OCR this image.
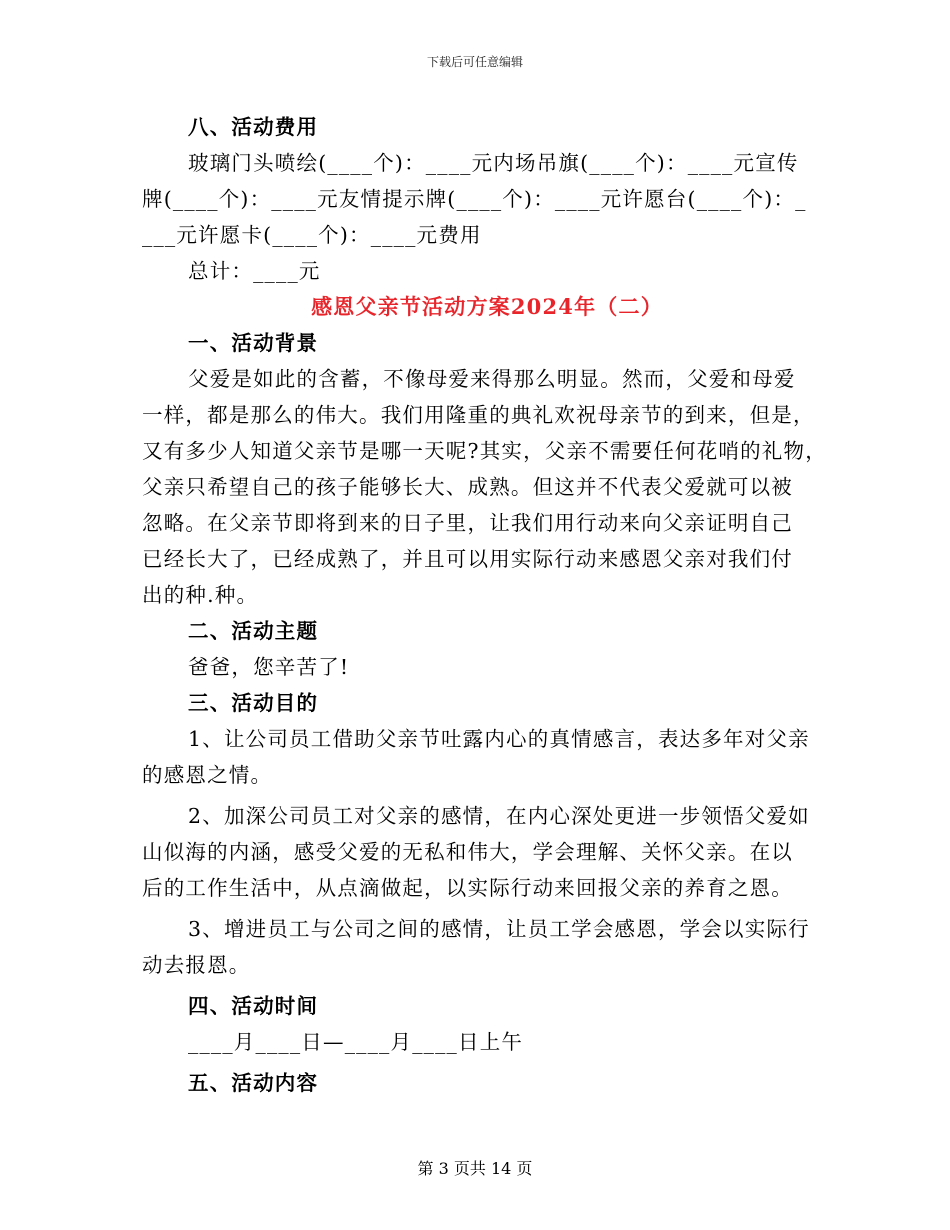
下载后可任意编辑
八、活动费用
玻璃门头喷绘(____个)：____元内场吊旗(____个)：____元宣传
牌(____个)：____元友情提示牌(____个)：____元许愿台(____个)：_
___元许愿卡(____个)：____元费用
总计：____元
感恩父亲节活动方案2024年（二）
一、活动背景
父爱是如此的含蓄，不像母爱来得那么明显。然而，父爱和母爱
一样，都是那么的伟大。我们用隆重的典礼欢祝母亲节的到来，但是，
又有多少人知道父亲节是哪一天呢?其实，父亲不需要任何花哨的礼物，
父亲只希望自己的孩子能够长大、成熟。但这并不代表父爱就可以被
忽略。在父亲节即将到来的日子里，让我们用行动来向父亲证明自己
已经长大了，已经成熟了，并且可以用实际行动来感恩父亲对我们付
出的种.种。
二、活动主题
爸爸，您辛苦了!
三、活动目的
1、让公司员工借助父亲节吐露内心的真情感言，表达多年对父亲
的感恩之情。
2、加深公司员工对父亲的感情，在内心深处更进一步领悟父爱如
山似海的内涵，感受父爱的无私和伟大，学会理解、关怀父亲。在以
后的工作生活中，从点滴做起，以实际行动来回报父亲的养育之恩。
3、增进员工与公司之间的感情，让员工学会感恩，学会以实际行
动去报恩。
四、活动时间
____月____日—____月____日上午
五、活动内容
第 3 页共 14 页
